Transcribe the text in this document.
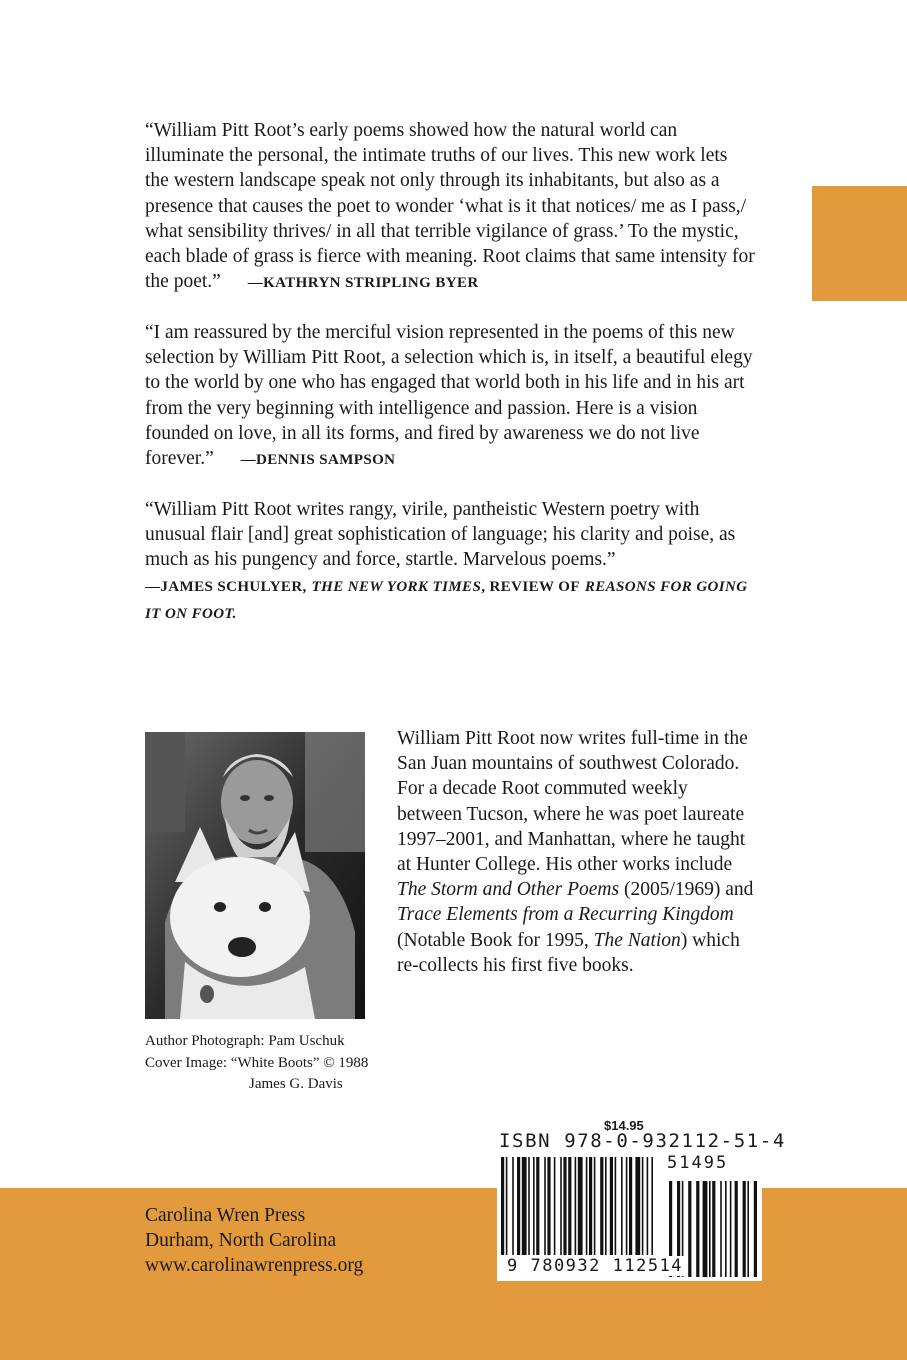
“William Pitt Root’s early poems showed how the natural world can illuminate the personal, the intimate truths of our lives. This new work lets the western landscape speak not only through its inhabitants, but also as a presence that causes the poet to wonder ‘what is it that notices/ me as I pass,/ what sensibility thrives/ in all that terrible vigilance of grass.’ To the mystic, each blade of grass is fierce with meaning. Root claims that same intensity for the poet.” —KATHRYN STRIPLING BYER

“I am reassured by the merciful vision represented in the poems of this new selection by William Pitt Root, a selection which is, in itself, a beautiful elegy to the world by one who has engaged that world both in his life and in his art from the very beginning with intelligence and passion. Here is a vision founded on love, in all its forms, and fired by awareness we do not live forever.” —DENNIS SAMPSON

“William Pitt Root writes rangy, virile, pantheistic Western poetry with unusual flair [and] great sophistication of language; his clarity and poise, as much as his pungency and force, startle. Marvelous poems.”
—JAMES SCHULYER, THE NEW YORK TIMES, REVIEW OF REASONS FOR GOING IT ON FOOT.

William Pitt Root now writes full-time in the San Juan mountains of southwest Colorado. For a decade Root commuted weekly between Tucson, where he was poet laureate 1997–2001, and Manhattan, where he taught at Hunter College. His other works include The Storm and Other Poems (2005/1969) and Trace Elements from a Recurring Kingdom (Notable Book for 1995, The Nation) which re-collects his first five books.

Author Photograph: Pam Uschuk
Cover Image: “White Boots” © 1988
James G. Davis
Carolina Wren Press
Durham, North Carolina
www.carolinawrenpress.org
$14.95
ISBN 978-0-932112-51-4
51495
9 780932 112514
